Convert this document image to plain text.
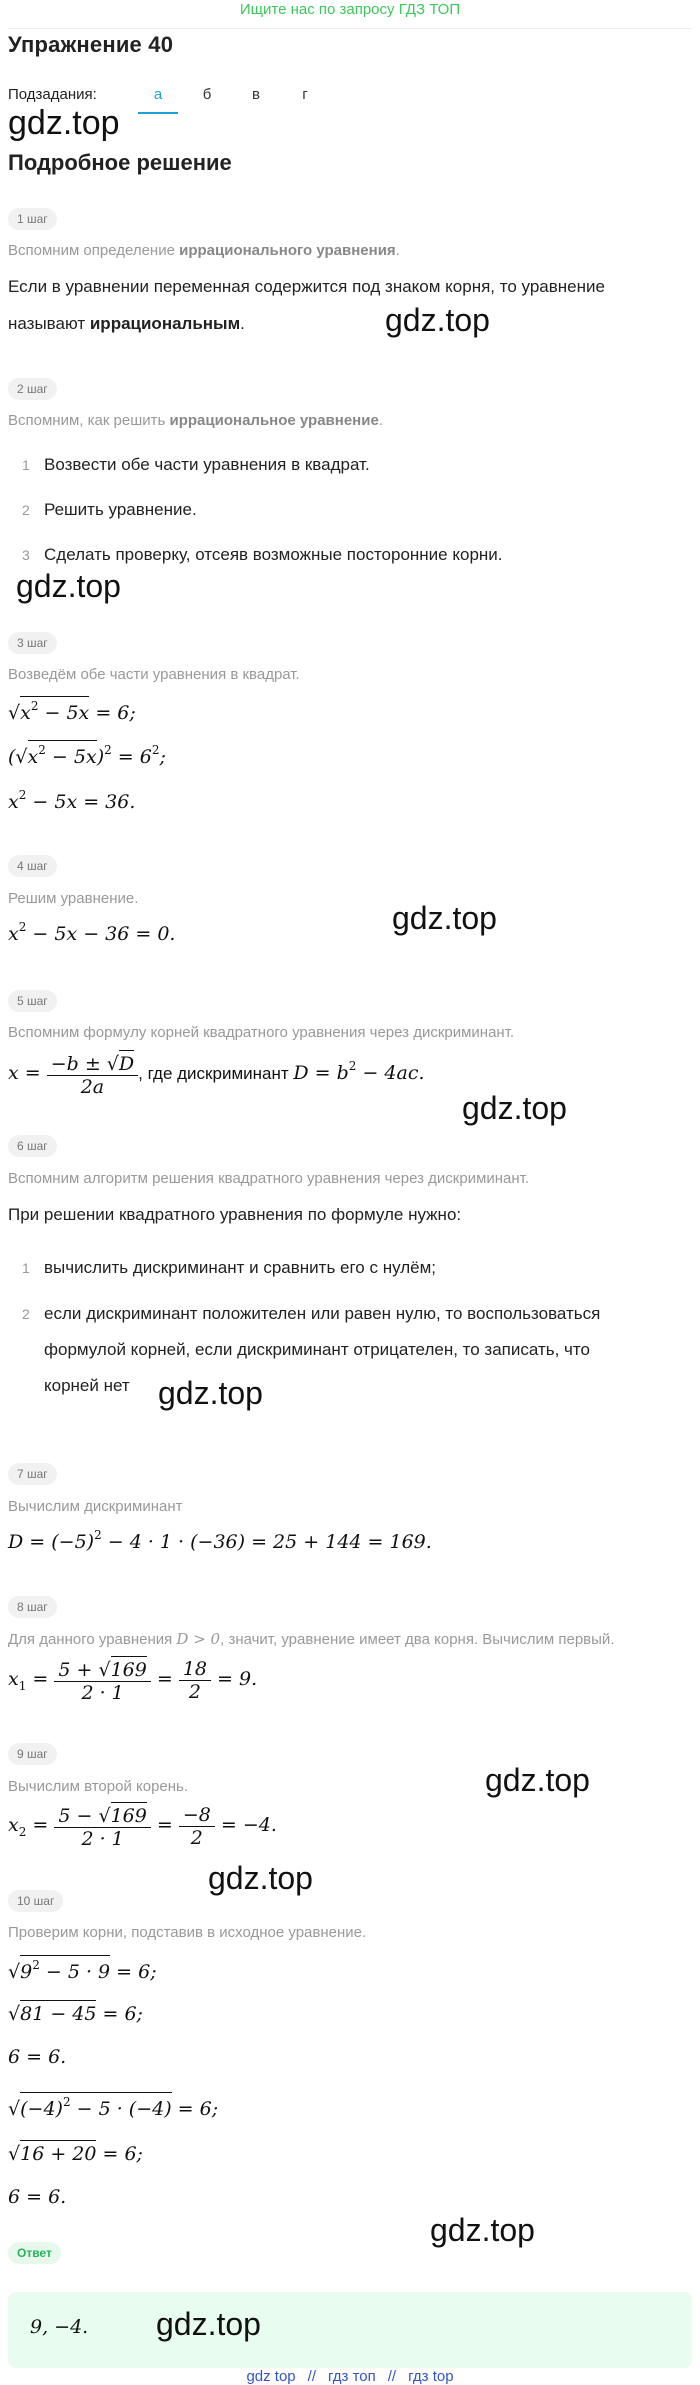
Ищите нас по запросу ГДЗ ТОП
Упражнение 40
Подзадания:	а	б	в	г
gdz.top
Подробное решение
1 шаг
Вспомним определение иррационального уравнения.
Если в уравнении переменная содержится под знаком корня, то уравнение
называют иррациональным.	gdz.top
2 шаг
Вспомним, как решить иррациональное уравнение.
1 Возвести обе части уравнения в квадрат.
2 Решить уравнение.
3 Сделать проверку, отсеяв возможные посторонние корни.
gdz.top
3 шаг
Возведём обе части уравнения в квадрат.
$√x^2 - 5x = 6$;
$(√x^2 - 5x)^2 = 6^2$;
$x^2 - 5x = 36$.
4 шаг
Решим уравнение.
$x^2 - 5x - 36 = 0$.	gdz.top
5 шаг
Вспомним формулу корней квадратного уравнения через дискриминант.
$x = \frac{-b \pm √D}{2a}$ , где дискриминант $D = b^2 - 4ac$.
gdz.top
6 шаг
Вспомним алгоритм решения квадратного уравнения через дискриминант.
При решении квадратного уравнения по формуле нужно:
1 вычислить дискриминант и сравнить его с нулём;
2 если дискриминант положителен или равен нулю, то воспользоваться
формулой корней, если дискриминант отрицателен, то записать, что
корней нет gdz.top
7 шаг
Вычислим дискриминант
$D = (-5)^2 - 4 \cdot 1 \cdot (-36) = 25 + 144 = 169$.
8 шаг
Для данного уравнения D > 0, значит, уравнение имеет два корня. Вычислим первый.
$x_1 = \frac{5 + √169}{2 \cdot 1} = \frac{18}{2} = 9$.
9 шаг
Вычислим второй корень.
$x_2 = \frac{5 - √169}{2 \cdot 1} = \frac{-8}{2} = -4$.
gdz.top
gdz.top
10 шаг
Проверим корни, подставив в исходное уравнение.
$√9^2 - 5 \cdot 9 = 6$;
√81 − 45 = 6;
6 = 6.
$√(-4)^2 - 5 \cdot (-4) = 6$;
√16 + 20 = 6;
6 = 6.
gdz.top
Ответ
9, −4. gdz.top
gdz top // гдз топ // гдз top
